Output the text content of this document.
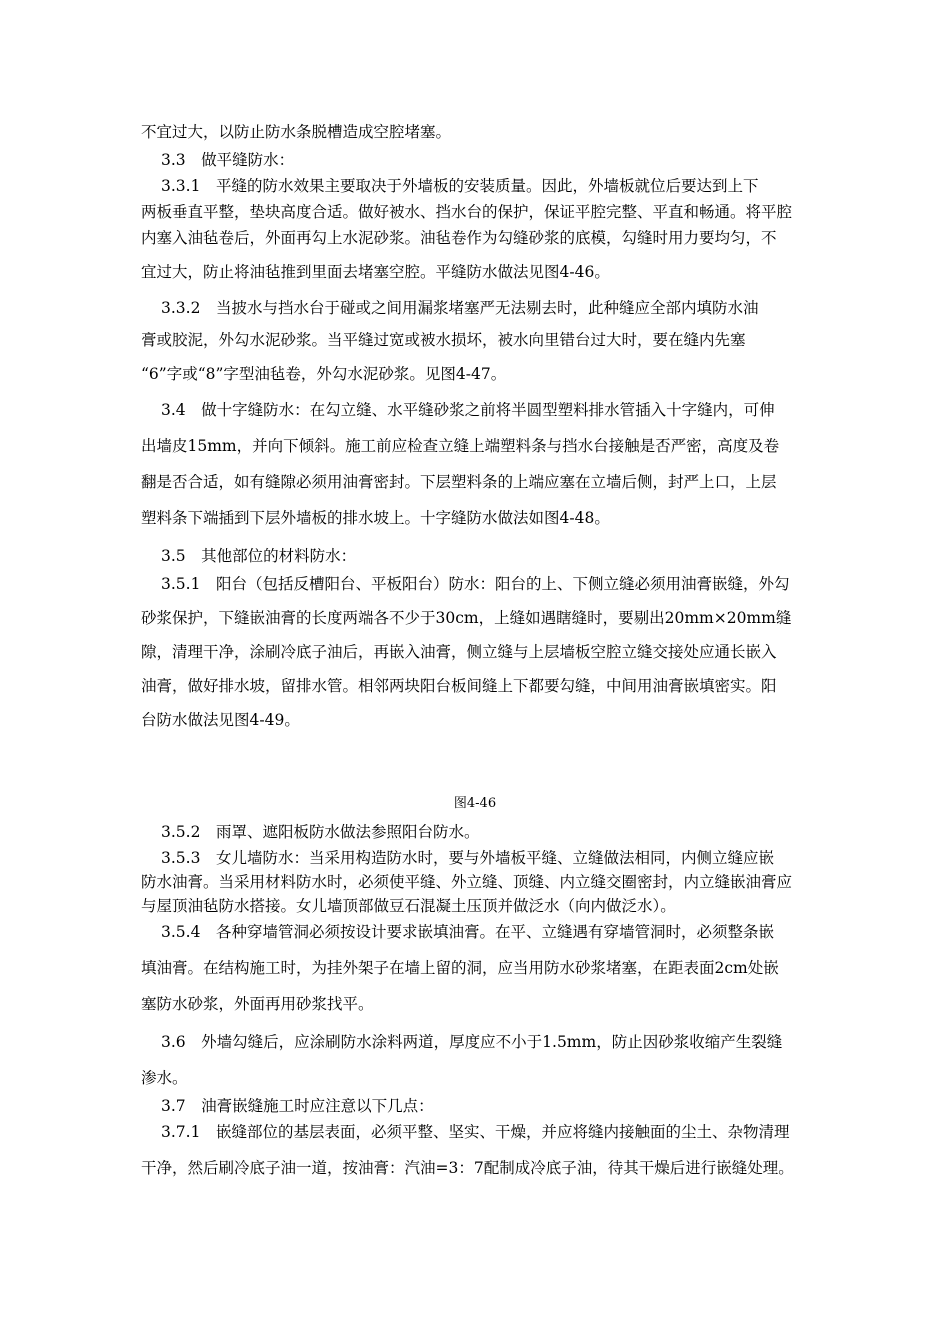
不宜过大，以防止防水条脱槽造成空腔堵塞。
3.3　做平缝防水：
3.3.1　平缝的防水效果主要取决于外墙板的安装质量。因此，外墙板就位后要达到上下
两板垂直平整，垫块高度合适。做好被水、挡水台的保护，保证平腔完整、平直和畅通。将平腔
内塞入油毡卷后，外面再勾上水泥砂浆。油毡卷作为勾缝砂浆的底模，勾缝时用力要均匀，不
宜过大，防止将油毡推到里面去堵塞空腔。平缝防水做法见图4-46。
3.3.2　当披水与挡水台于碰或之间用漏浆堵塞严无法剔去时，此种缝应全部内填防水油
膏或胶泥，外勾水泥砂浆。当平缝过宽或被水损坏，被水向里错台过大时，要在缝内先塞
“6”字或“8”字型油毡卷，外勾水泥砂浆。见图4-47。
3.4　做十字缝防水：在勾立缝、水平缝砂浆之前将半圆型塑料排水管插入十字缝内，可伸
出墙皮15mm，并向下倾斜。施工前应检查立缝上端塑料条与挡水台接触是否严密，高度及卷
翻是否合适，如有缝隙必须用油膏密封。下层塑料条的上端应塞在立墙后侧，封严上口，上层
塑料条下端插到下层外墙板的排水坡上。十字缝防水做法如图4-48。
3.5　其他部位的材料防水：
3.5.1　阳台（包括反槽阳台、平板阳台）防水：阳台的上、下侧立缝必须用油膏嵌缝，外勾
砂浆保护，下缝嵌油膏的长度两端各不少于30cm，上缝如遇瞎缝时，要剔出20mm×20mm缝
隙，清理干净，涂刷冷底子油后，再嵌入油膏，侧立缝与上层墙板空腔立缝交接处应通长嵌入
油膏，做好排水坡，留排水管。相邻两块阳台板间缝上下都要勾缝，中间用油膏嵌填密实。阳
台防水做法见图4-49。
3.5.2　雨罩、遮阳板防水做法参照阳台防水。
3.5.3　女儿墙防水：当采用构造防水时，要与外墙板平缝、立缝做法相同，内侧立缝应嵌
防水油膏。当采用材料防水时，必须使平缝、外立缝、顶缝、内立缝交圈密封，内立缝嵌油膏应
与屋顶油毡防水搭接。女儿墙顶部做豆石混凝土压顶并做泛水（向内做泛水）。
3.5.4　各种穿墙管洞必须按设计要求嵌填油膏。在平、立缝遇有穿墙管洞时，必须整条嵌
填油膏。在结构施工时，为挂外架子在墙上留的洞，应当用防水砂浆堵塞，在距表面2cm处嵌
塞防水砂浆，外面再用砂浆找平。
3.6　外墙勾缝后，应涂刷防水涂料两道，厚度应不小于1.5mm，防止因砂浆收缩产生裂缝
渗水。
3.7　油膏嵌缝施工时应注意以下几点：
3.7.1　嵌缝部位的基层表面，必须平整、坚实、干燥，并应将缝内接触面的尘土、杂物清理
干净，然后刷冷底子油一道，按油膏：汽油=3：7配制成冷底子油，待其干燥后进行嵌缝处理。
图4-46
